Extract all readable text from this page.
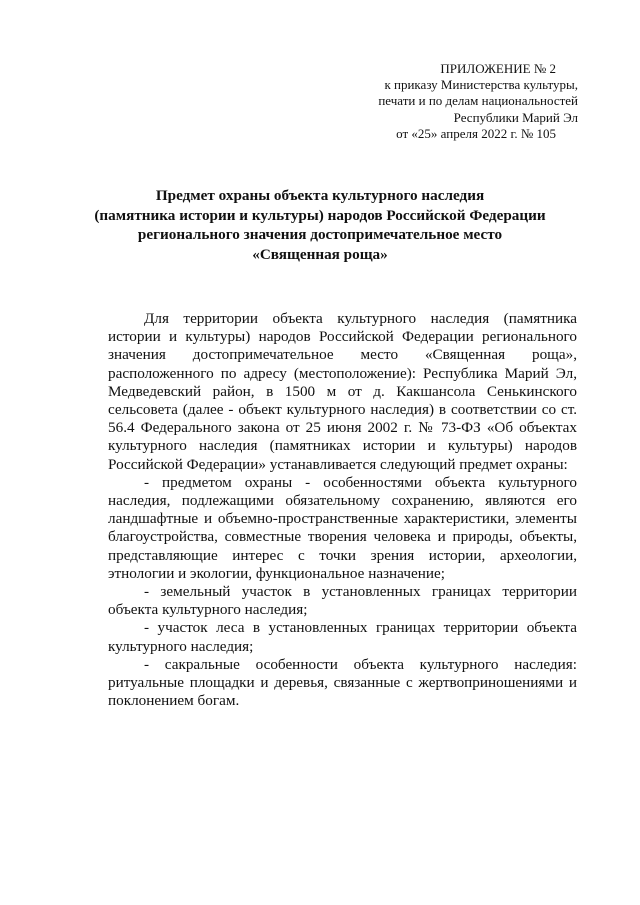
ПРИЛОЖЕНИЕ № 2
к приказу Министерства культуры,
печати и по делам национальностей
Республики Марий Эл
от «25» апреля 2022 г. № 105
Предмет охраны объекта культурного наследия
(памятника истории и культуры) народов Российской Федерации
регионального значения достопримечательное место
«Священная роща»

Для территории объекта культурного наследия (памятника истории и культуры) народов Российской Федерации регионального значения достопримечательное место «Священная роща», расположенного по адресу (местоположение): Республика Марий Эл, Медведевский район, в 1500 м от д. Какшансола Сенькинского сельсовета (далее - объект культурного наследия) в соответствии со ст. 56.4 Федерального закона от 25 июня 2002 г. № 73-ФЗ «Об объектах культурного наследия (памятниках истории и культуры) народов Российской Федерации» устанавливается следующий предмет охраны:

- предметом охраны - особенностями объекта культурного наследия, подлежащими обязательному сохранению, являются его ландшафтные и объемно-пространственные характеристики, элементы благоустройства, совместные творения человека и природы, объекты, представляющие интерес с точки зрения истории, археологии, этнологии и экологии, функциональное назначение;

- земельный участок в установленных границах территории объекта культурного наследия;

- участок леса в установленных границах территории объекта культурного наследия;

- сакральные особенности объекта культурного наследия: ритуальные площадки и деревья, связанные с жертвоприношениями и поклонением богам.
